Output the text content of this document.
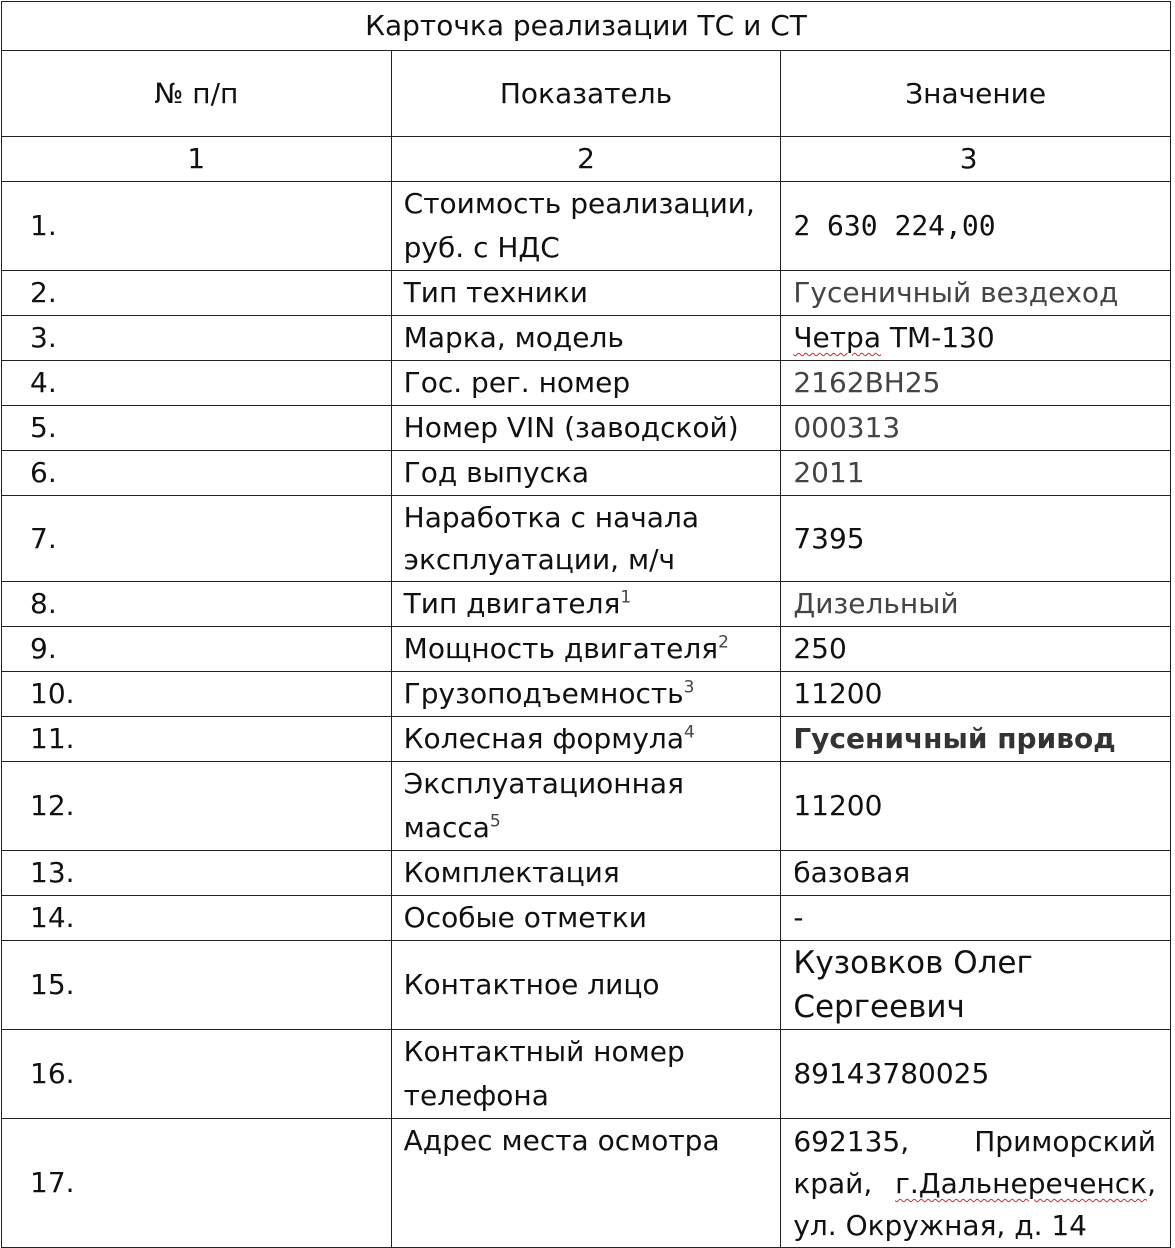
Карточка реализации ТС и СТ		
№ п/п	Показатель	Значение
1	2	3
1.	Стоимость реализации, руб. с НДС	2 630 224,00
2.	Тип техники	Гусеничный вездеход
3.	Марка, модель	Четра ТМ-130
4.	Гос. рег. номер	2162ВН25
5.	Номер VIN (заводской)	000313
6.	Год выпуска	2011
7.	Наработка с начала эксплуатации, м/ч	7395
8.	Тип двигателя$^1$	Дизельный
9.	Мощность двигателя$^2$	250
10.	Грузоподъемность$^3$	11200
11.	Колесная формула$^4$	Гусеничный привод
12.	Эксплуатационная масса$^5$	11200
13.	Комплектация	базовая
14.	Особые отметки	-
15.	Контактное лицо	Кузовков Олег Сергеевич
16.	Контактный номер телефона	89143780025
17.	Адрес места осмотра	692135, Приморский край, г.Дальнереченск, ул. Окружная, д. 14
